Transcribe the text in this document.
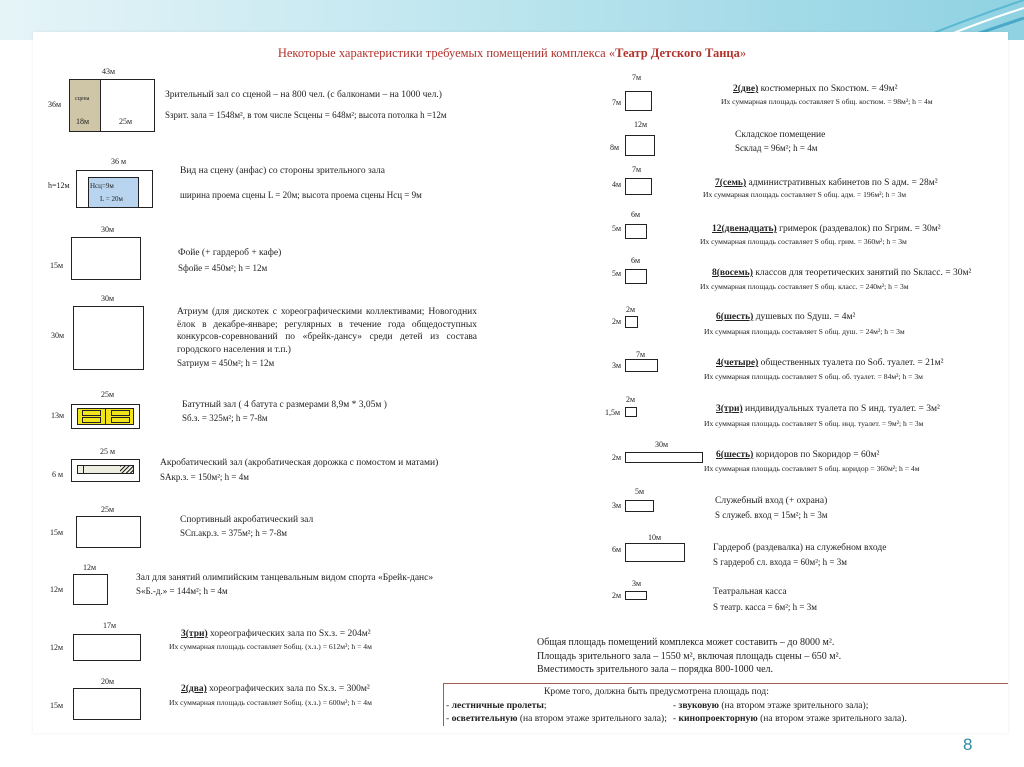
Некоторые характеристики требуемых помещений комплекса «Театр Детского Танца»
43м
36м
Зрительный зал со сценой – на 800 чел. (с балконами – на 1000 чел.)
Sзрит. зала = 1548м², в том числе Sсцены = 648м²; высота потолка h =12м
36 м
h=12м
Вид на сцену (анфас) со стороны зрительного зала
ширина проема сцены L = 20м; высота проема сцены Hсц = 9м
30м
15м
Фойе (+ гардероб + кафе)
Sфойе = 450м²; h = 12м
30м
30м
Атриум (для дискотек с хореографическими коллективами; Новогодних ёлок в декабре-январе; регулярных в течение года общедоступных конкурсов-соревнований по «брейк-дансу» среди детей из состава городского населения и т.п.)
Sатриум = 450м²; h = 12м
25м
13м
Батутный зал ( 4 батута с размерами 8,9м * 3,05м )
Sб.з. = 325м²; h = 7-8м
25 м
6 м
Акробатический зал (акробатическая дорожка с помостом и матами)
SАкр.з. = 150м²; h = 4м
25м
15м
Спортивный акробатический зал
SСп.акр.з. = 375м²; h = 7-8м
12м
12м
Зал для занятий олимпийским танцевальным видом спорта «Брейк-данс»
S«Б.-д.» = 144м²; h = 4м
17м
12м
3(три) хореографических зала по Sх.з. = 204м²
Их суммарная площадь составляет Sобщ. (х.з.) = 612м²; h = 4м
20м
15м
2(два) хореографических зала по Sх.з. = 300м²
Их суммарная площадь составляет Sобщ. (х.з.) = 600м²; h = 4м
7м
7м
2(две) костюмерных по Sкостюм. = 49м²
Их суммарная площадь составляет S общ. костюм. = 98м²; h = 4м
12м
8м
Складское помещение
Sсклад = 96м²; h = 4м
7м
4м	7(семь) административных кабинетов по S адм. = 28м²
Их суммарная площадь составляет S общ. адм. = 196м²; h = 3м
6м
5м	12(двенадцать) гримерок (раздевалок) по Sгрим. = 30м²
Их суммарная площадь составляет S общ. грим. = 360м²; h = 3м
6м
5м	8(восемь) классов для теоретических занятий по Sкласс. = 30м²
Их суммарная площадь составляет S общ. класс. = 240м²; h = 3м
2м
2м	6(шесть) душевых по Sдуш. = 4м²
Их суммарная площадь составляет S общ. душ. = 24м²; h = 3м
7м
3м	4(четыре) общественных туалета по Sоб. туалет. = 21м²
Их суммарная площадь составляет S общ. об. туалет. = 84м²; h = 3м
2м
1,5м	3(три) индивидуальных туалета по S инд. туалет. = 3м²
Их суммарная площадь составляет S общ. инд. туалет. = 9м²; h = 3м
30м
2м	6(шесть) коридоров по Sкоридор = 60м²
Их суммарная площадь составляет S общ. коридор = 360м²; h = 4м
5м
3м	Служебный вход (+ охрана)
S служеб. вход = 15м²; h = 3м
10м
6м	Гардероб (раздевалка) на служебном входе
S гардероб сл. входа = 60м²; h = 3м
3м
2м	Театральная касса
S театр. касса = 6м²; h = 3м
сцена
18м	25м
Hсц=9м
L = 20м
Общая площадь помещений комплекса может составить – до 8000 м².
Площадь зрительного зала – 1550 м², включая площадь сцены – 650 м².
Вместимость зрительного зала – порядка 800-1000 чел.
Кроме того, должна быть предусмотрена площадь под:
- лестничные пролеты;	- звуковую (на втором этаже зрительного зала);
- осветительную (на втором этаже зрительного зала); - кинопроекторную (на втором этаже зрительного зала).
8
